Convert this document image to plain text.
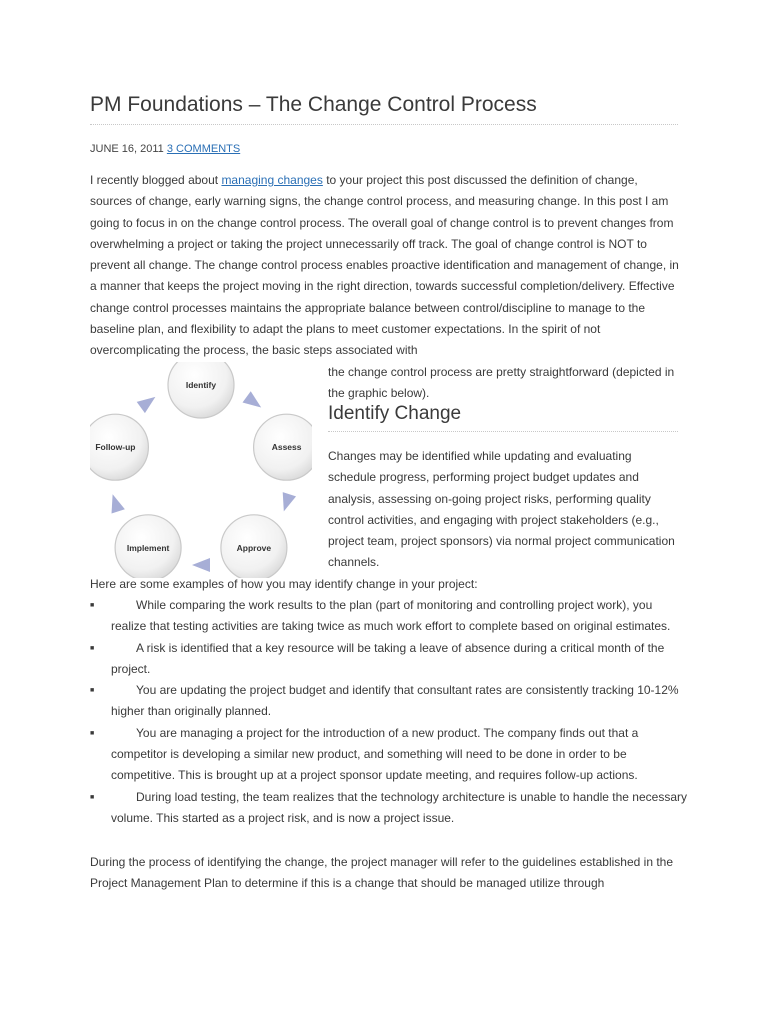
PM Foundations – The Change Control Process
JUNE 16, 2011 3 COMMENTS

I recently blogged about managing changes to your project this post discussed the definition of change, sources of change, early warning signs, the change control process, and measuring change. In this post I am going to focus in on the change control process. The overall goal of change control is to prevent changes from overwhelming a project or taking the project unnecessarily off track. The goal of change control is NOT to prevent all change. The change control process enables proactive identification and management of change, in a manner that keeps the project moving in the right direction, towards successful completion/delivery. Effective change control processes maintains the appropriate balance between control/discipline to manage to the baseline plan, and flexibility to adapt the plans to meet customer expectations. In the spirit of not overcomplicating the process, the basic steps associated with

the change control process are pretty straightforward (depicted in the graphic below).

Identify
Assess
Approve
Implement
Follow-up
Identify Change

Changes may be identified while updating and evaluating schedule progress, performing project budget updates and analysis, assessing on-going project risks, performing quality control activities, and engaging with project stakeholders (e.g., project team, project sponsors) via normal project communication channels.

Here are some examples of how you may identify change in your project:

■	While comparing the work results to the plan (part of monitoring and controlling project work), you realize that testing activities are taking twice as much work effort to complete based on original estimates.
■	A risk is identified that a key resource will be taking a leave of absence during a critical month of the project.
■	You are updating the project budget and identify that consultant rates are consistently tracking 10-12% higher than originally planned.
■	You are managing a project for the introduction of a new product. The company finds out that a competitor is developing a similar new product, and something will need to be done in order to be competitive. This is brought up at a project sponsor update meeting, and requires follow-up actions.
■	During load testing, the team realizes that the technology architecture is unable to handle the necessary volume. This started as a project risk, and is now a project issue.

During the process of identifying the change, the project manager will refer to the guidelines established in the Project Management Plan to determine if this is a change that should be managed utilize through
